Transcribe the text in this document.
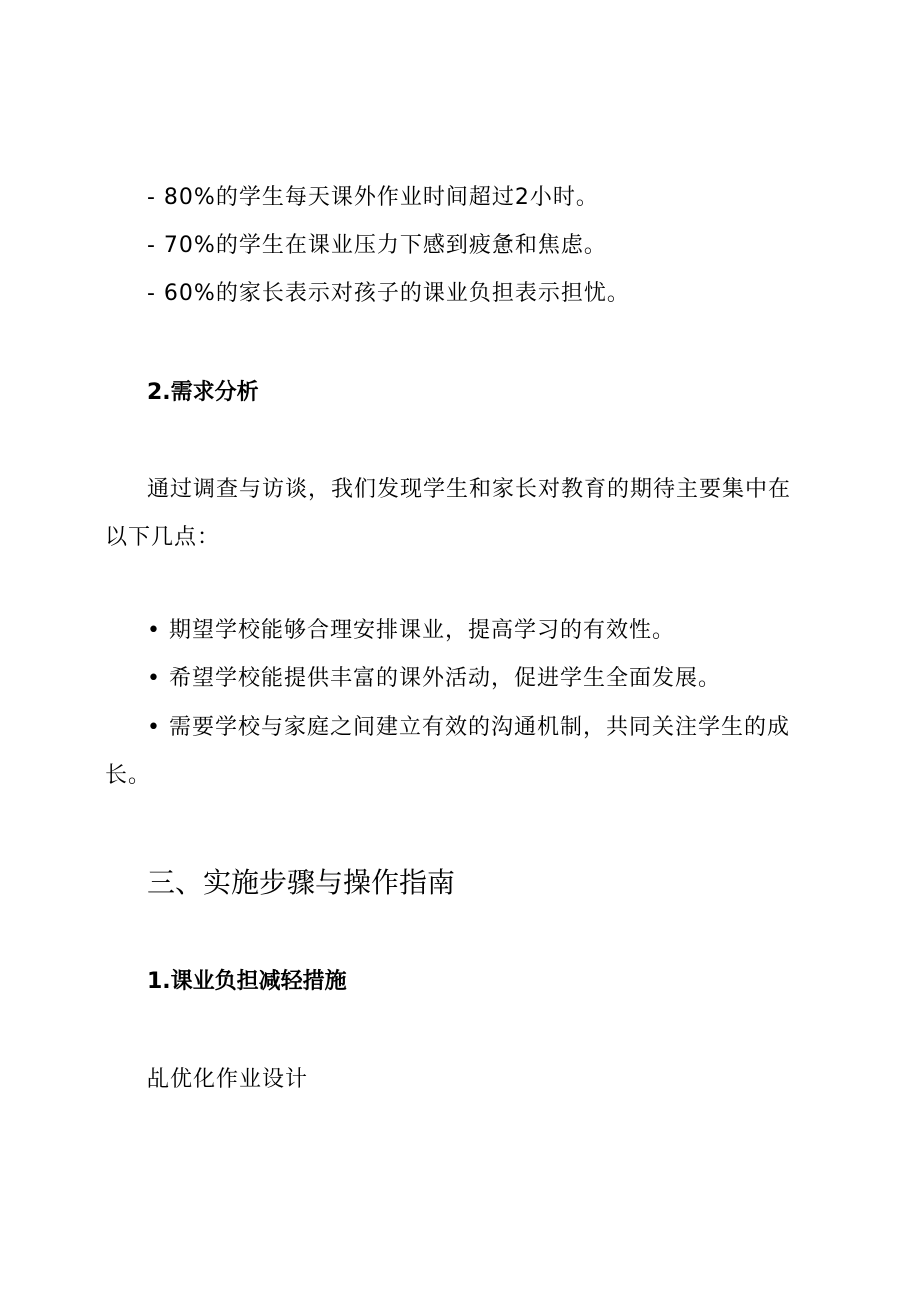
- 80%的学生每天课外作业时间超过2小时。
- 70%的学生在课业压力下感到疲惫和焦虑。
- 60%的家长表示对孩子的课业负担表示担忧。
2.需求分析
通过调查与访谈，我们发现学生和家长对教育的期待主要集中在
以下几点：
• 期望学校能够合理安排课业，提高学习的有效性。
• 希望学校能提供丰富的课外活动，促进学生全面发展。
• 需要学校与家庭之间建立有效的沟通机制，共同关注学生的成
长。
三、实施步骤与操作指南
1.课业负担减轻措施
乩优化作业设计
